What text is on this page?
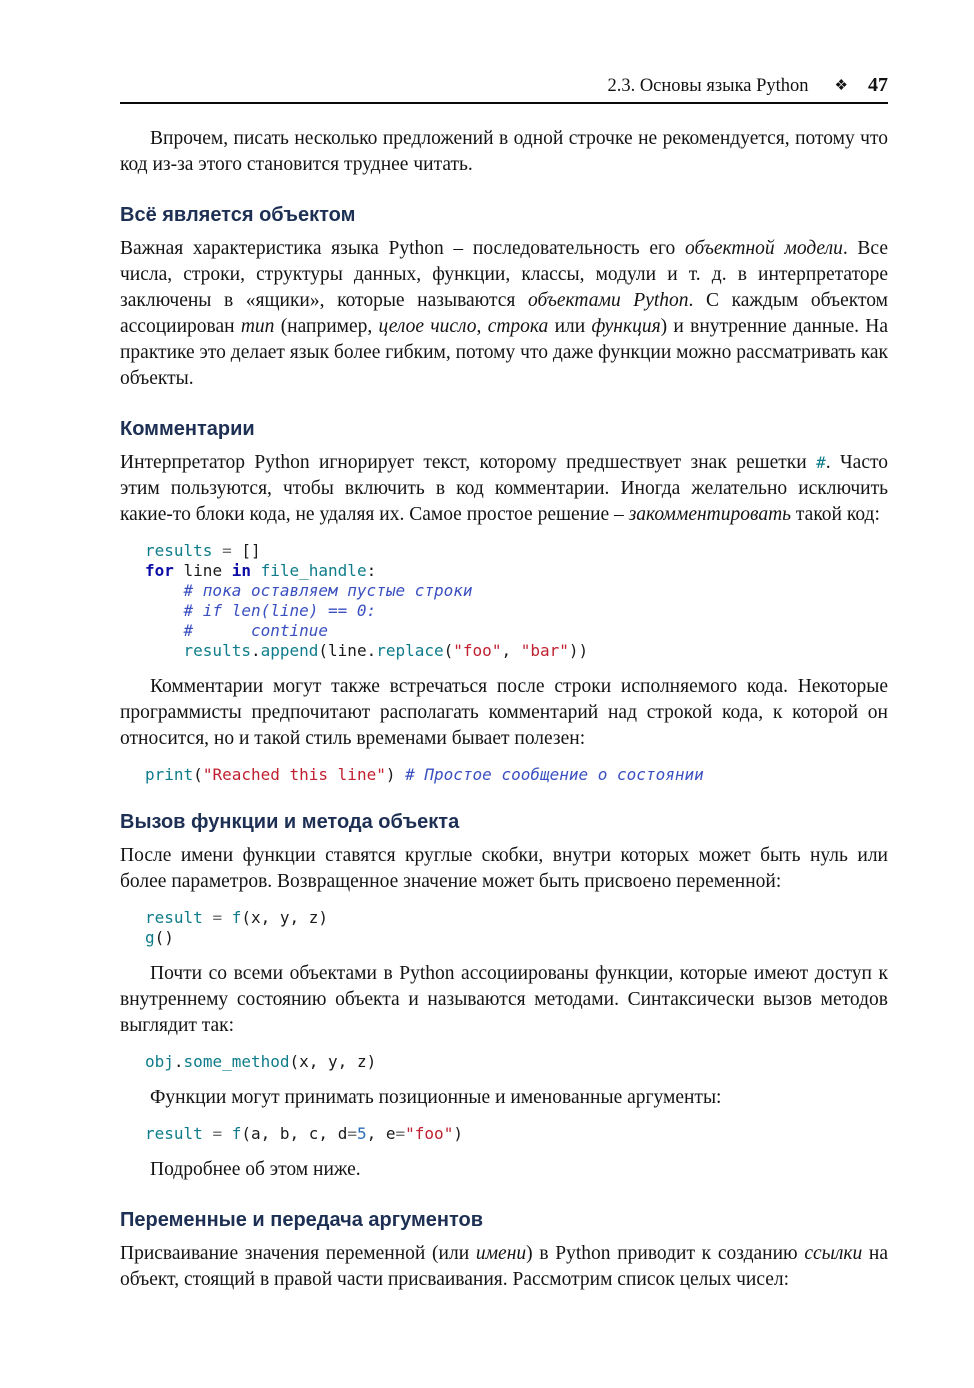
2.3. Основы языка Python ❖ 47

Впрочем, писать несколько предложений в одной строчке не рекомендуется, потому что код из-за этого становится труднее читать.

Всё является объектом

Важная характеристика языка Python – последовательность его объектной модели. Все числа, строки, структуры данных, функции, классы, модули и т. д. в интерпретаторе заключены в «ящики», которые называются объектами Python. С каждым объектом ассоциирован тип (например, целое число, строка или функция) и внутренние данные. На практике это делает язык более гибким, потому что даже функции можно рассматривать как объекты.

Комментарии

Интерпретатор Python игнорирует текст, которому предшествует знак решетки #. Часто этим пользуются, чтобы включить в код комментарии. Иногда желательно исключить какие-то блоки кода, не удаляя их. Самое простое решение – закомментировать такой код:

results = []
for line in file_handle:
# пока оставляем пустые строки
# if len(line) == 0:
#      continue
results.append(line.replace("foo", "bar"))

Комментарии могут также встречаться после строки исполняемого кода. Некоторые программисты предпочитают располагать комментарий над строкой кода, к которой он относится, но и такой стиль временами бывает полезен:

print("Reached this line") # Простое сообщение о состоянии
Вызов функции и метода объекта

После имени функции ставятся круглые скобки, внутри которых может быть нуль или более параметров. Возвращенное значение может быть присвоено переменной:

result = f(x, y, z)
g()

Почти со всеми объектами в Python ассоциированы функции, которые имеют доступ к внутреннему состоянию объекта и называются методами. Синтаксически вызов методов выглядит так:

obj.some_method(x, y, z)

Функции могут принимать позиционные и именованные аргументы:

result = f(a, b, c, d=5, e="foo")

Подробнее об этом ниже.

Переменные и передача аргументов

Присваивание значения переменной (или имени) в Python приводит к созданию ссылки на объект, стоящий в правой части присваивания. Рассмотрим список целых чисел:
